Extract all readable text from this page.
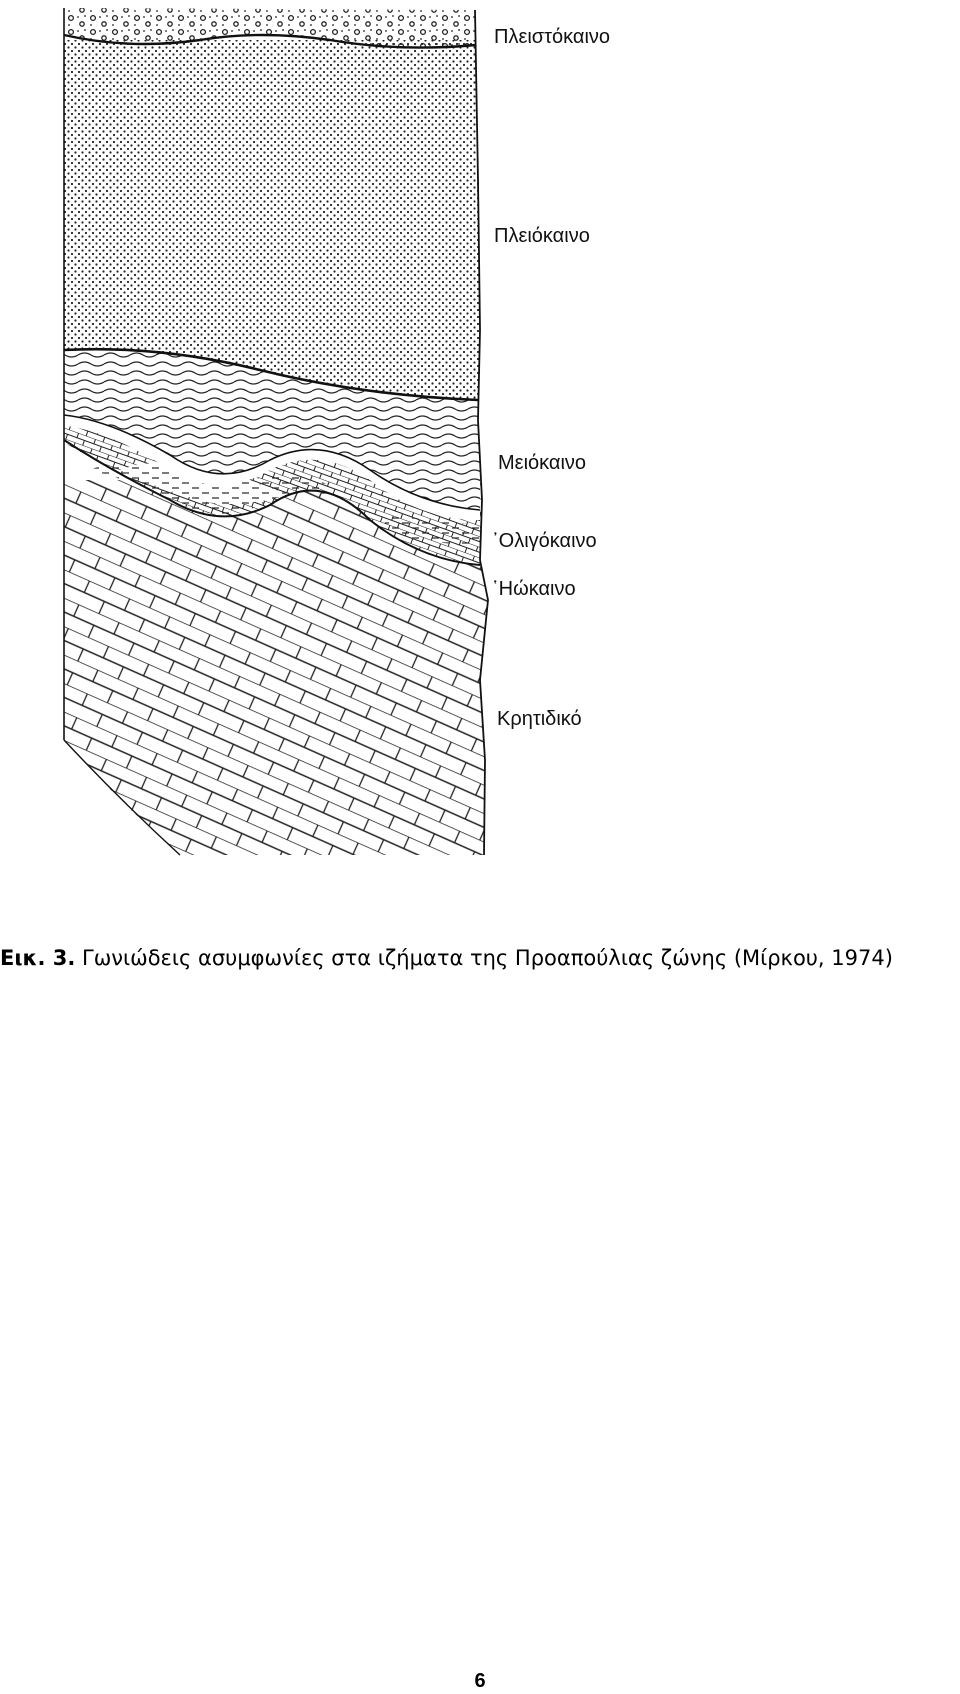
Πλειστόκαινο
Πλειόκαινο
Μειόκαινο
᾿Ολιγόκαινο
῾Ηώκαινο
Κρητιδικό
Εικ. 3. Γωνιώδεις ασυμφωνίες στα ιζήματα της Προαπούλιας ζώνης (Μίρκου, 1974)
6
